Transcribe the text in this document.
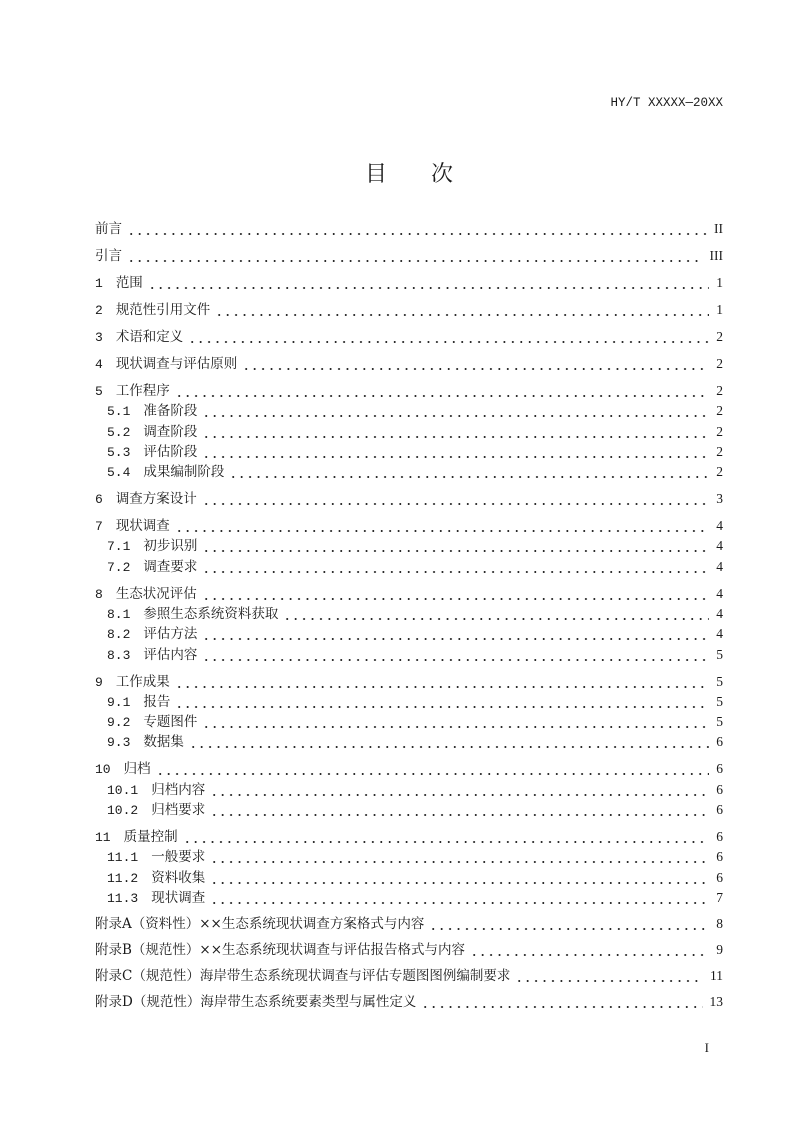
HY/T XXXXX—20XX
目　　次
前言	II
引言	III
1 范围	1
2 规范性引用文件	1
3 术语和定义	2
4 现状调查与评估原则	2
5 工作程序	2
5.1 准备阶段	2
5.2 调查阶段	2
5.3 评估阶段	2
5.4 成果编制阶段	2
6 调查方案设计	3
7 现状调查	4
7.1 初步识别	4
7.2 调查要求	4
8 生态状况评估	4
8.1 参照生态系统资料获取	4
8.2 评估方法	4
8.3 评估内容	5
9 工作成果	5
9.1 报告	5
9.2 专题图件	5
9.3 数据集	6
10 归档	6
10.1 归档内容	6
10.2 归档要求	6
11 质量控制	6
11.1 一般要求	6
11.2 资料收集	6
11.3 现状调查	7
附录A （资料性）××生态系统现状调查方案格式与内容	8
附录B （规范性）××生态系统现状调查与评估报告格式与内容	9
附录C （规范性）海岸带生态系统现状调查与评估专题图图例编制要求	11
附录D （规范性）海岸带生态系统要素类型与属性定义	13
I
